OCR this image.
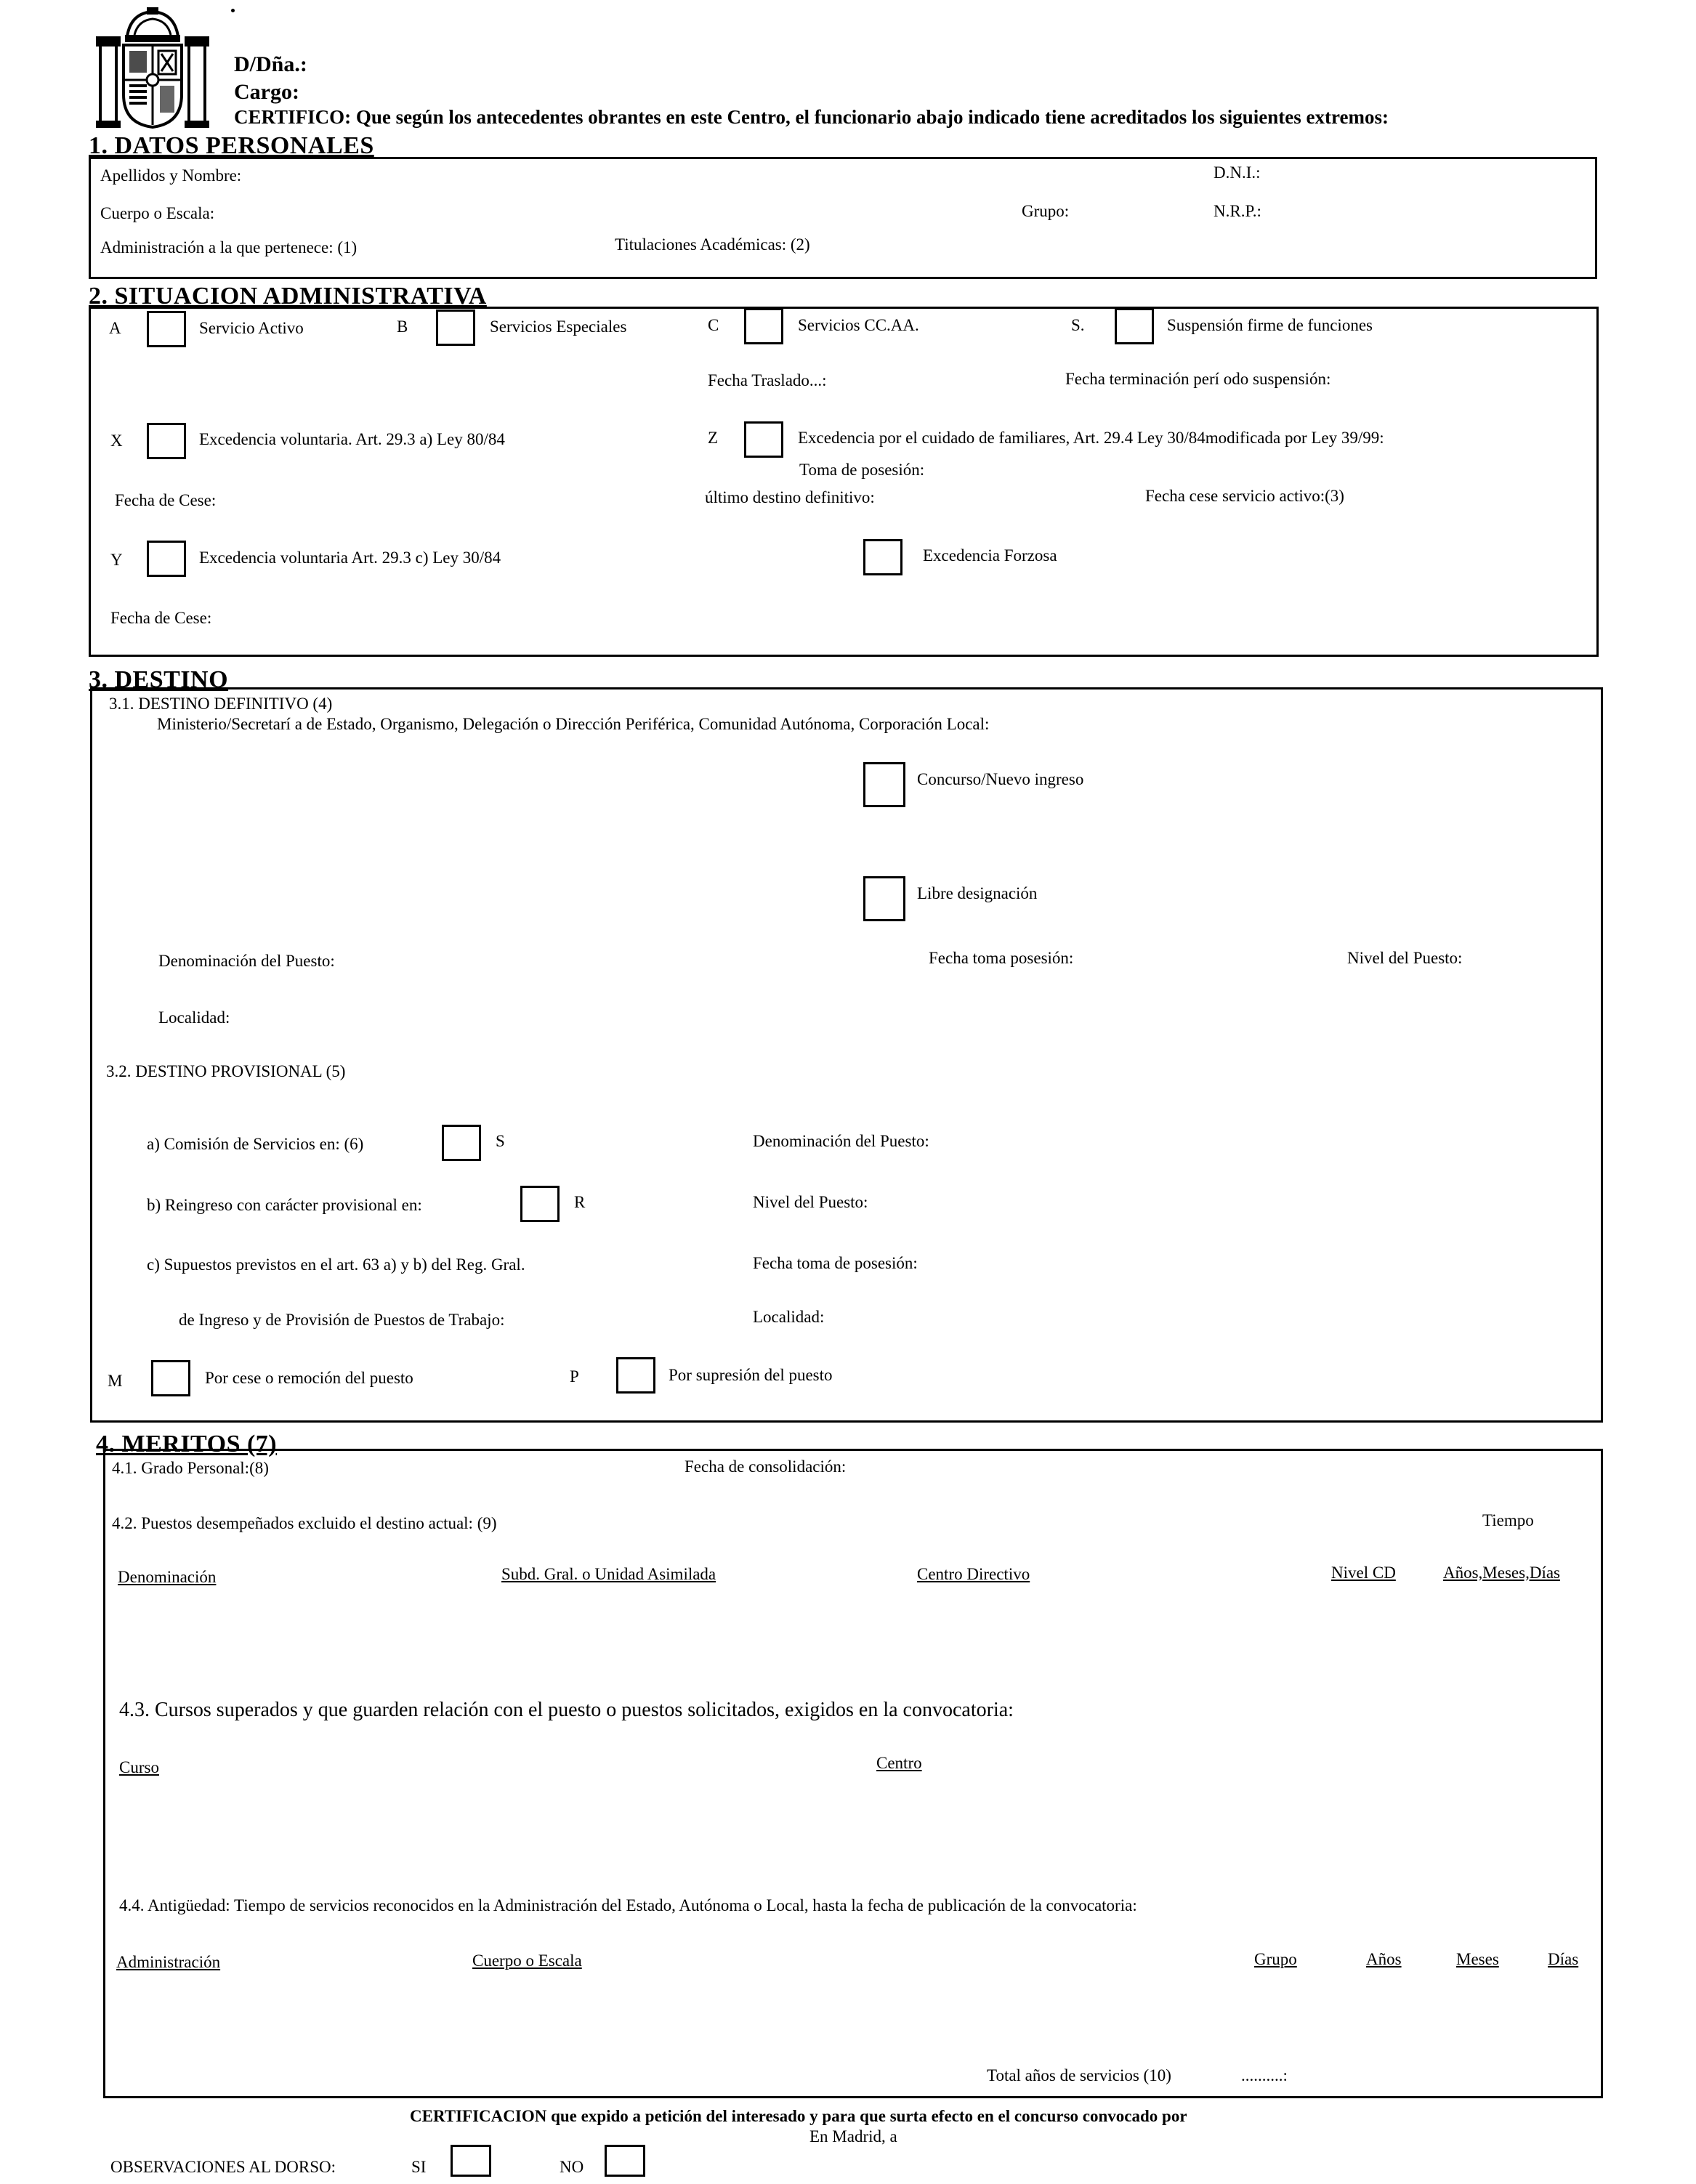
D/Dña.:
Cargo:
CERTIFICO: Que según los antecedentes obrantes en este Centro, el funcionario abajo indicado tiene acreditados los siguientes extremos:
1. DATOS PERSONALES
Apellidos y Nombre:	D.N.I.:
Cuerpo o Escala:	Grupo:	N.R.P.:
Administración a la que pertenece: (1)	Titulaciones Académicas: (2)
2. SITUACION ADMINISTRATIVA
A	Servicio Activo	B	Servicios Especiales	C	Servicios CC.AA.	S.	Suspensión firme de funciones
Fecha Traslado...:	Fecha terminación perí odo suspensión:
X	Excedencia voluntaria. Art. 29.3 a) Ley 80/84	Z	Excedencia por el cuidado de familiares, Art. 29.4 Ley 30/84modificada por Ley 39/99:
Toma de posesión:
Fecha de Cese:	último destino definitivo:	Fecha cese servicio activo:(3)
Y	Excedencia voluntaria Art. 29.3 c) Ley 30/84	Excedencia Forzosa
Fecha de Cese:
3. DESTINO
3.1. DESTINO DEFINITIVO (4)
Ministerio/Secretarí a de Estado, Organismo, Delegación o Dirección Periférica, Comunidad Autónoma, Corporación Local:
Concurso/Nuevo ingreso
Libre designación
Denominación del Puesto:	Fecha toma posesión:	Nivel del Puesto:
Localidad:
3.2. DESTINO PROVISIONAL (5)
a) Comisión de Servicios en: (6)	S	Denominación del Puesto:
b) Reingreso con carácter provisional en:	R	Nivel del Puesto:
c) Supuestos previstos en el art. 63 a) y b) del Reg. Gral.	Fecha toma de posesión:
de Ingreso y de Provisión de Puestos de Trabajo:	Localidad:
M	Por cese o remoción del puesto	P	Por supresión del puesto
4. MERITOS (7)
4.1. Grado Personal:(8)	Fecha de consolidación:
4.2. Puestos desempeñados excluido el destino actual: (9)	Tiempo
Denominación	Subd. Gral. o Unidad Asimilada	Centro Directivo	Nivel CD	Años,Meses,Días
4.3. Cursos superados y que guarden relación con el puesto o puestos solicitados, exigidos en la convocatoria:
Curso	Centro
4.4. Antigüedad: Tiempo de servicios reconocidos en la Administración del Estado, Autónoma o Local, hasta la fecha de publicación de la convocatoria:
Administración	Cuerpo o Escala	Grupo	Años	Meses	Días
Total años de servicios (10)	..........:
CERTIFICACION que expido a petición del interesado y para que surta efecto en el concurso convocado por
En Madrid, a
OBSERVACIONES AL DORSO:	SI	NO
